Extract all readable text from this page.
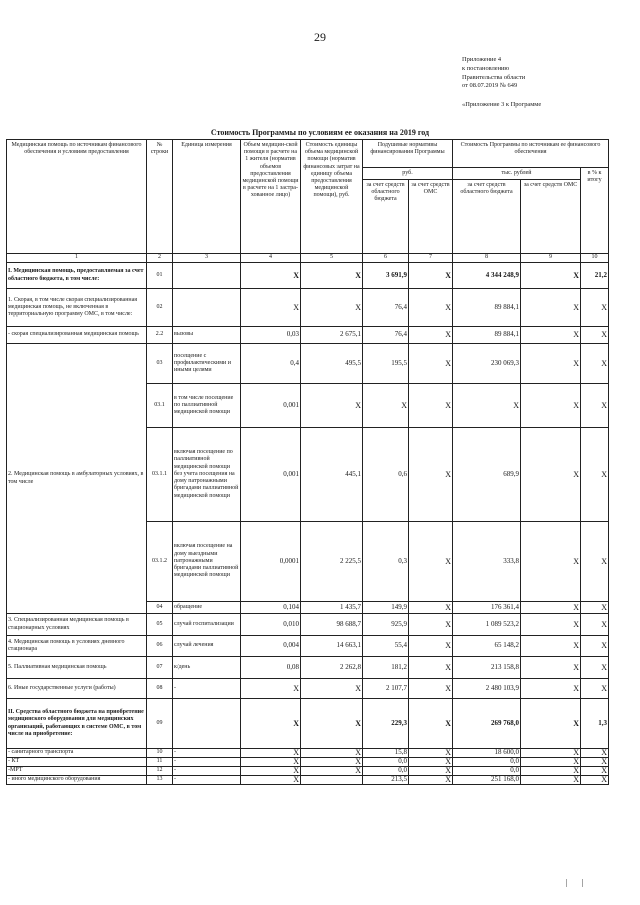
29
Приложение 4
к постановлению
Правительства области
от 08.07.2019 № 649
«Приложение 3 к Программе
Стоимость Программы по условиям ее оказания на 2019 год
Медицинская помощь по источникам финансового обеспечения и условиям предоставления	№ строки	Единица измерения	Объем медицин-ской помощи в расчете на 1 жителя (норматив объемов предоставления медицинской помощи в расчете на 1 застра-хованное лицо)	Стоимость единицы объема медицинской помощи (норматив финансовых затрат на единицу объема предоставления медицинской помощи), руб.	Подушевые нормативы финансирования Программы		Стоимость Программы по источникам ее финансового обеспечения		
					руб.		тыс. рублей		в % к итогу
					за счет средств областного бюджета	за счет средств ОМС	за счет средств областного бюджета	за счет средств ОМС	

1	2	3	4	5	6	7	8	9	10
I. Медицинская помощь, предоставляемая за счет областного бюджета, в том числе:	01		X	X	3 691,9	X	4 344 248,9	X	21,2
1. Скорая, в том числе скорая специализированная медицинская помощь, не включенная в территориальную программу ОМС, в том числе:	02		X	X	76,4	X	89 884,1	X	X
- скорая специализированная медицинская помощь	2.2	вызовы	0,03	2 675,1	76,4	X	89 884,1	X	X
2. Медицинская помощь в амбулаторных условиях, в том числе	03	посещение с профилактическими и иными целями	0,4	495,5	195,5	X	230 069,3	X	X
	03.1	в том числе посещение по паллиативной медицинской помощи	0,001	X	X	X	X	X	X
	03.1.1	включая посещение по паллиативной медицинской помощи без учета посещения на дому патронажными бригадами паллиативной медицинской помощи	0,001	445,1	0,6	X	689,9	X	X
	03.1.2	включая посещение на дому выездными патронажными бригадами паллиативной медицинской помощи	0,0001	2 225,5	0,3	X	333,8	X	X
	04	обращение	0,104	1 435,7	149,9	X	176 361,4	X	X
3. Специализированная медицинская помощь в стационарных условиях	05	случай госпитализации	0,010	98 688,7	925,9	X	1 089 523,2	X	X
4. Медицинская помощь в условиях дневного стационара	06	случай лечения	0,004	14 663,1	55,4	X	65 148,2	X	X
5. Паллиативная медицинская помощь	07	к/день	0,08	2 262,8	181,2	X	213 158,8	X	X
6. Иные государственные услуги (работы)	08	-	X	X	2 107,7	X	2 480 103,9	X	X
II. Средства областного бюджета на приобретение медицинского оборудования для медицинских организаций, работающих в системе ОМС, в том числе на приобретение:	09		X	X	229,3	X	269 768,0	X	1,3
- санитарного транспорта	10	-	X	X	15,8	X	18 600,0	X	X
- КТ	11	-	X	X	0,0	X	0,0	X	X
-МРТ	12	-	X	X	0,0	X	0,0	X	X
- иного медицинского оборудования	13	-	X		213,5	X	251 168,0	X	X
| |
